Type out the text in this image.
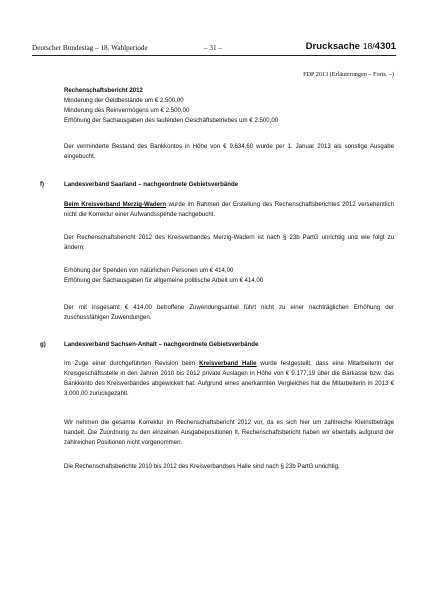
Deutscher Bundestag – 18. Wahlperiode	– 31 –	Drucksache 18/4301
FDP 2013 (Erläuterungen – Forts. –)

Rechenschaftsbericht 2012

Minderung der Geldbestände um € 2.500,00

Minderung des Reinvermögens um € 2.500,00

Erhöhung der Sachausgaben des laufenden Geschäftsbetriebes um € 2.500,00

Der verminderte Bestand des Bankkontos in Höhe von € 9.634,60 wurde per 1. Januar 2013 als sonstige Ausgabe eingebucht.
f)	Landesverband Saarland – nachgeordnete Gebietsverbände
Beim Kreisverband Merzig-Wadern wurde im Rahmen der Erstellung des Rechenschaftsberichtes 2012 versehentlich nicht die Korrektur einer Aufwandsspende nachgebucht.
Der Rechenschaftsbericht 2012 des Kreisverbandes Merzig-Wadern ist nach § 23b PartG unrichtig und wie folgt zu ändern:

Erhöhung der Spenden von natürlichen Personen um € 414,00

Erhöhung der Sachausgaben für allgemeine politische Arbeit um € 414,00

Der mit insgesamt € 414,00 betroffene Zuwendungsanteil führt nicht zu einer nachträglichen Erhöhung der zuschussfähigen Zuwendungen.
g)	Landesverband Sachsen-Anhalt – nachgeordnete Gebietsverbände
Im Zuge einer durchgeführten Revision beim Kreisverband Halle wurde festgestellt, dass eine Mitarbeiterin der Kreisgeschäftsstelle in den Jahren 2010 bis 2012 private Auslagen in Höhe von € 9.177,19 über die Barkasse bzw. das Bankkonto des Kreisverbandes abgewickelt hat. Aufgrund eines anerkannten Vergleiches hat die Mitarbeiterin in 2013 € 3.000,00 zurückgezahlt.
Wir nehmen die gesamte Korrektur im Rechenschaftsbericht 2012 vor, da es sich hier um zahlreiche Kleinstbeträge handelt. Die Zuordnung zu den einzelnen Ausgabepositionen lt. Rechenschaftsbericht haben wir ebenfalls aufgrund der zahlreichen Positionen nicht vorgenommen.
Die Rechenschaftsberichte 2010 bis 2012 des Kreisverbandses Halle sind nach § 23b PartG unrichtig,
